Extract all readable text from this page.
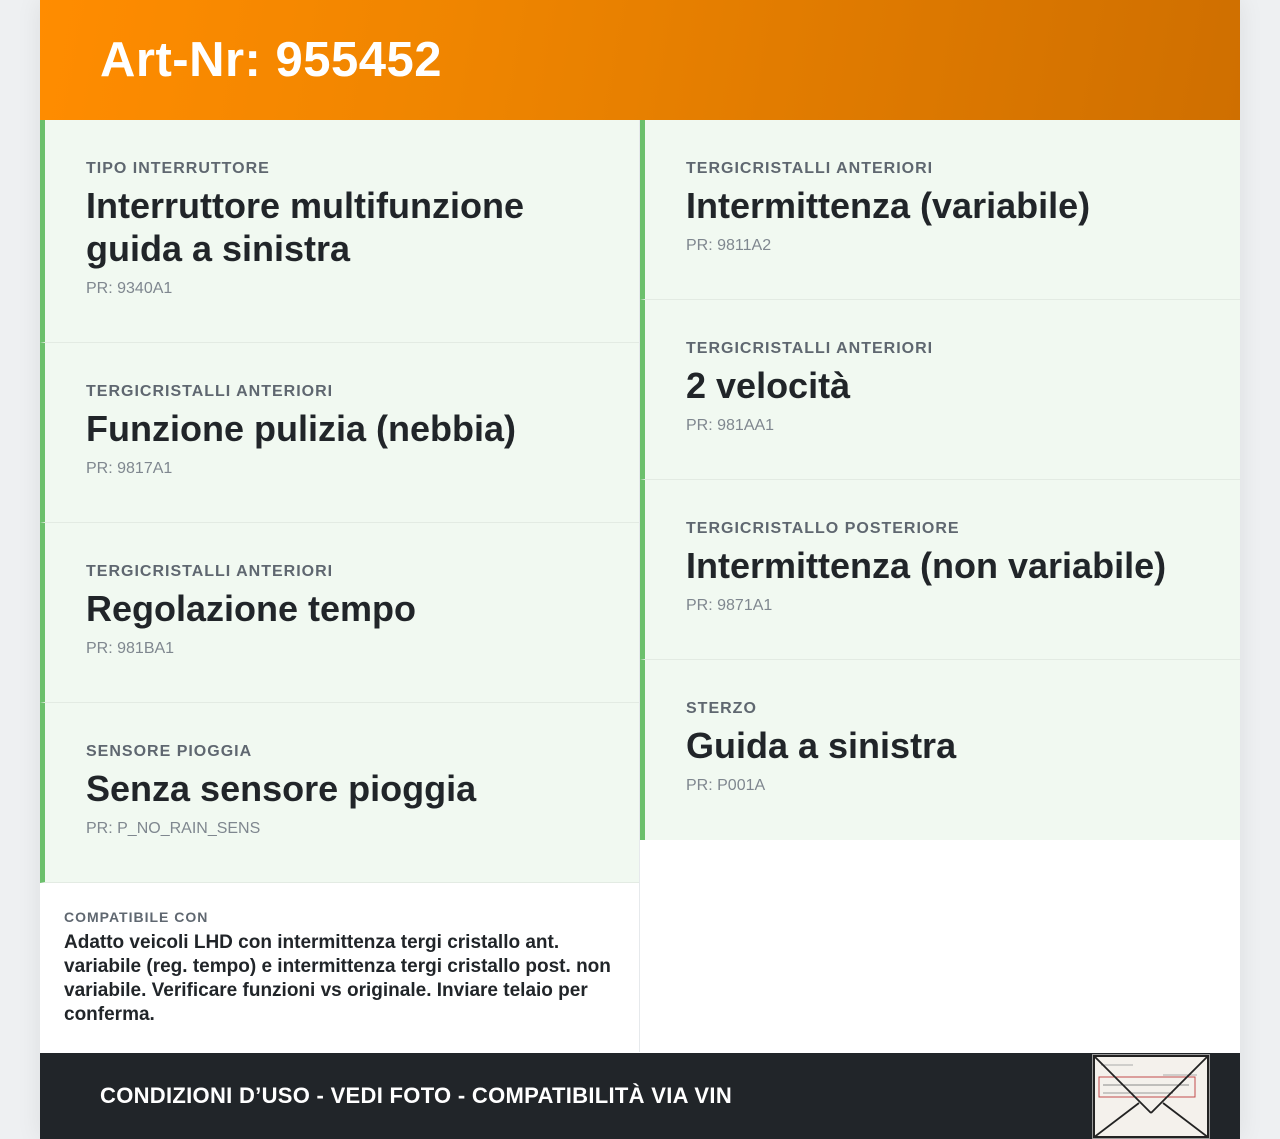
Art-Nr: 955452
TIPO INTERRUTTORE
Interruttore multifunzione guida a sinistra
PR: 9340A1
TERGICRISTALLI ANTERIORI
Funzione pulizia (nebbia)
PR: 9817A1
TERGICRISTALLI ANTERIORI
Regolazione tempo
PR: 981BA1
SENSORE PIOGGIA
Senza sensore pioggia
PR: P_NO_RAIN_SENS
COMPATIBILE CON
Adatto veicoli LHD con intermittenza tergi cristallo ant. variabile (reg. tempo) e intermittenza tergi cristallo post. non variabile. Verificare funzioni vs originale. Inviare telaio per conferma.
TERGICRISTALLI ANTERIORI
Intermittenza (variabile)
PR: 9811A2
TERGICRISTALLI ANTERIORI
2 velocità
PR: 981AA1
TERGICRISTALLO POSTERIORE
Intermittenza (non variabile)
PR: 9871A1
STERZO
Guida a sinistra
PR: P001A
CONDIZIONI D’USO - VEDI FOTO - COMPATIBILITÀ VIA VIN
